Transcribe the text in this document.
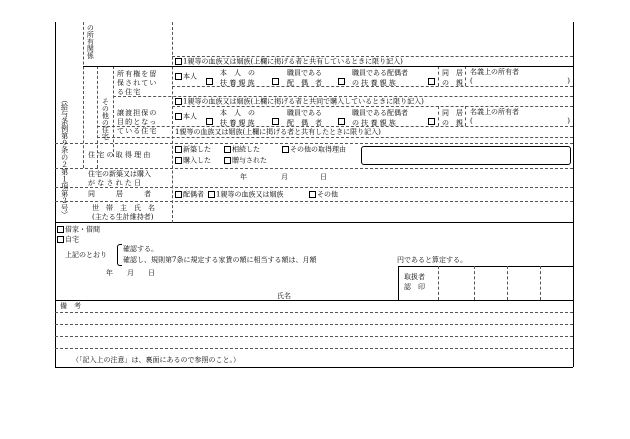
（給与条例第９条の２第１項第２号）
の所有関係
その他の住宅
所有権を留
保されてい
る住宅
譲渡担保の
目的となっ
ている住宅
1親等の血族又は姻族(上欄に掲げる者と共有しているときに限り記入)
本人	本　人　の
扶 養 親 族
職員である
配　偶　者
職員である配偶者
の 扶 養 親 族
同　居
の　親
名義上の所有者
(	)
1親等の血族又は姻族(上欄に掲げる者と共同で購入しているときに限り記入)
本人	本　人　の
扶 養 親 族
職員である
配　偶　者
職員である配偶者
の 扶 養 親 族
同　居
の　親
名義上の所有者
(	)
1親等の血族又は姻族(上欄に掲げる者と共有したときに限り記入)
住 宅 の 取 得 理 由
新築した	相続した	その他の取得理由
購入した	贈与された
住宅の新築又は購入
が な さ れ た 日
年	月	日
同　　　居　　　者	配偶者	1親等の血族又は姻族	その他
世　帯　主　氏　名
(主たる生計維持者)
借家・借間
自宅
上記のとおり
確認する。
確認し、規則第7条に規定する家賃の額に相当する額は、月額	円であると算定する。
年　　月　　日	取扱者
認　印
氏名
備　考
（「記入上の注意」は、裏面にあるので参照のこと。）
